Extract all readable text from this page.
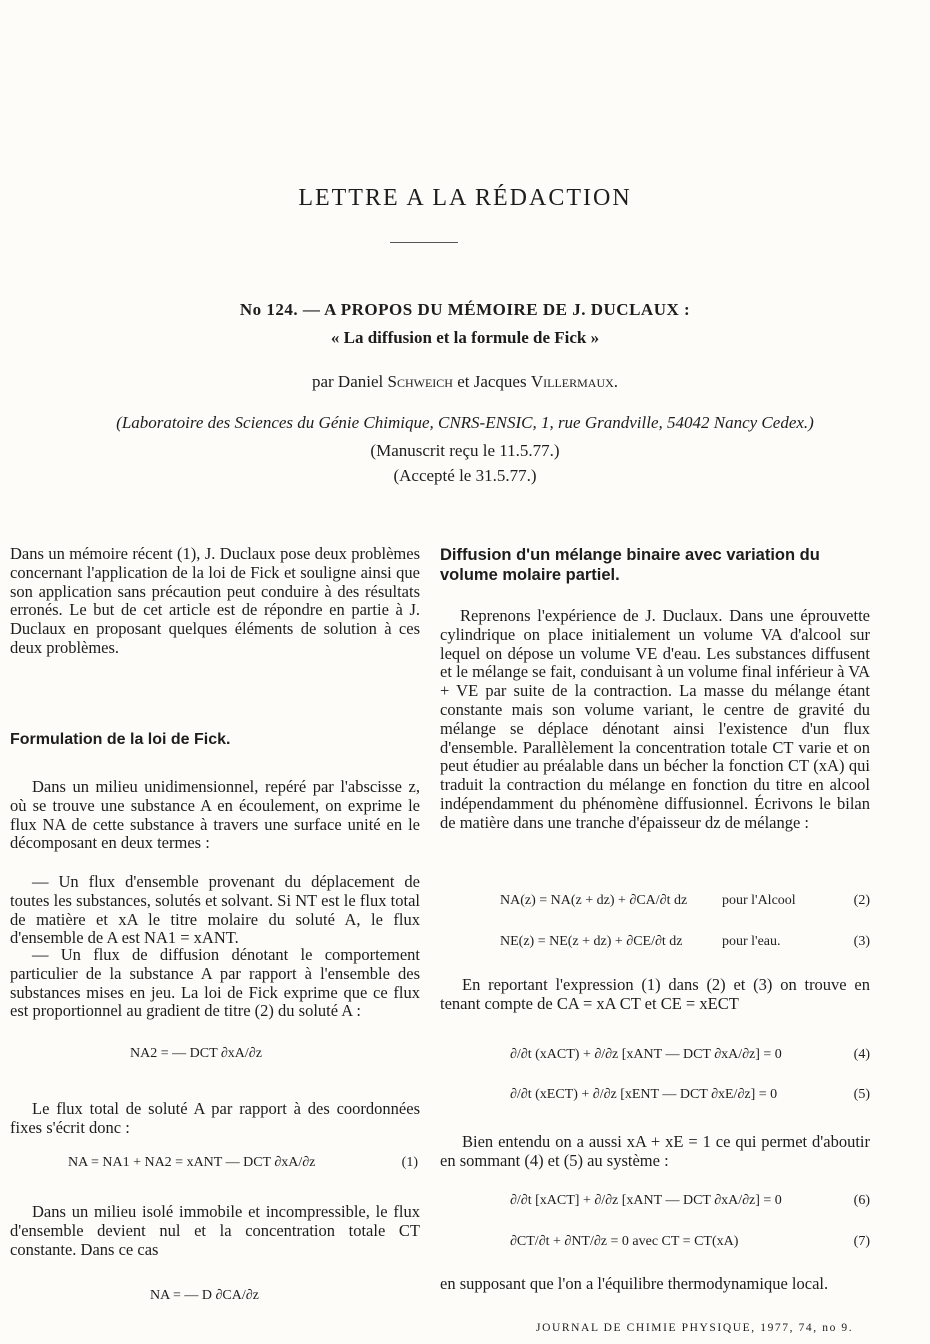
LETTRE A LA RÉDACTION
No 124. — A PROPOS DU MÉMOIRE DE J. DUCLAUX :
« La diffusion et la formule de Fick »
par Daniel Schweich et Jacques Villermaux.
(Laboratoire des Sciences du Génie Chimique, CNRS-ENSIC, 1, rue Grandville, 54042 Nancy Cedex.)
(Manuscrit reçu le 11.5.77.)
(Accepté le 31.5.77.)
Dans un mémoire récent (1), J. Duclaux pose deux problèmes concernant l'application de la loi de Fick et souligne ainsi que son application sans précaution peut conduire à des résultats erronés. Le but de cet article est de répondre en partie à J. Duclaux en proposant quelques éléments de solution à ces deux problèmes.
Formulation de la loi de Fick.
Dans un milieu unidimensionnel, repéré par l'abscisse z, où se trouve une substance A en écoulement, on exprime le flux NA de cette substance à travers une surface unité en le décomposant en deux termes :
— Un flux d'ensemble provenant du déplacement de toutes les substances, solutés et solvant. Si NT est le flux total de matière et xA le titre molaire du soluté A, le flux d'ensemble de A est NA1 = xANT.
— Un flux de diffusion dénotant le comportement particulier de la substance A par rapport à l'ensemble des substances mises en jeu. La loi de Fick exprime que ce flux est proportionnel au gradient de titre (2) du soluté A :
NA2 = — DCT ∂xA/∂z
Le flux total de soluté A par rapport à des coordonnées fixes s'écrit donc :
NA = NA1 + NA2 = xANT — DCT ∂xA/∂z	(1)
Dans un milieu isolé immobile et incompressible, le flux d'ensemble devient nul et la concentration totale CT constante. Dans ce cas
NA = — D ∂CA/∂z
Diffusion d'un mélange binaire avec variation du volume molaire partiel.
Reprenons l'expérience de J. Duclaux. Dans une éprouvette cylindrique on place initialement un volume VA d'alcool sur lequel on dépose un volume VE d'eau. Les substances diffusent et le mélange se fait, conduisant à un volume final inférieur à VA + VE par suite de la contraction. La masse du mélange étant constante mais son volume variant, le centre de gravité du mélange se déplace dénotant ainsi l'existence d'un flux d'ensemble. Parallèlement la concentration totale CT varie et on peut étudier au préalable dans un bécher la fonction CT (xA) qui traduit la contraction du mélange en fonction du titre en alcool indépendamment du phénomène diffusionnel. Écrivons le bilan de matière dans une tranche d'épaisseur dz de mélange :
NA(z) = NA(z + dz) + ∂CA/∂t dz pour l'Alcool	(2)
NE(z) = NE(z + dz) + ∂CE/∂t dz	pour l'eau.	(3)
En reportant l'expression (1) dans (2) et (3) on trouve en tenant compte de CA = xA CT et CE = xECT
∂/∂t (xACT) + ∂/∂z [xANT — DCT ∂xA/∂z] = 0	(4)
∂/∂t (xECT) + ∂/∂z [xENT — DCT ∂xE/∂z] = 0	(5)
Bien entendu on a aussi xA + xE = 1 ce qui permet d'aboutir en sommant (4) et (5) au système :
∂/∂t [xACT] + ∂/∂z [xANT — DCT ∂xA/∂z] = 0	(6)
∂CT/∂t + ∂NT/∂z = 0 avec CT = CT(xA)	(7)
en supposant que l'on a l'équilibre thermodynamique local.
JOURNAL DE CHIMIE PHYSIQUE, 1977, 74, no 9.
